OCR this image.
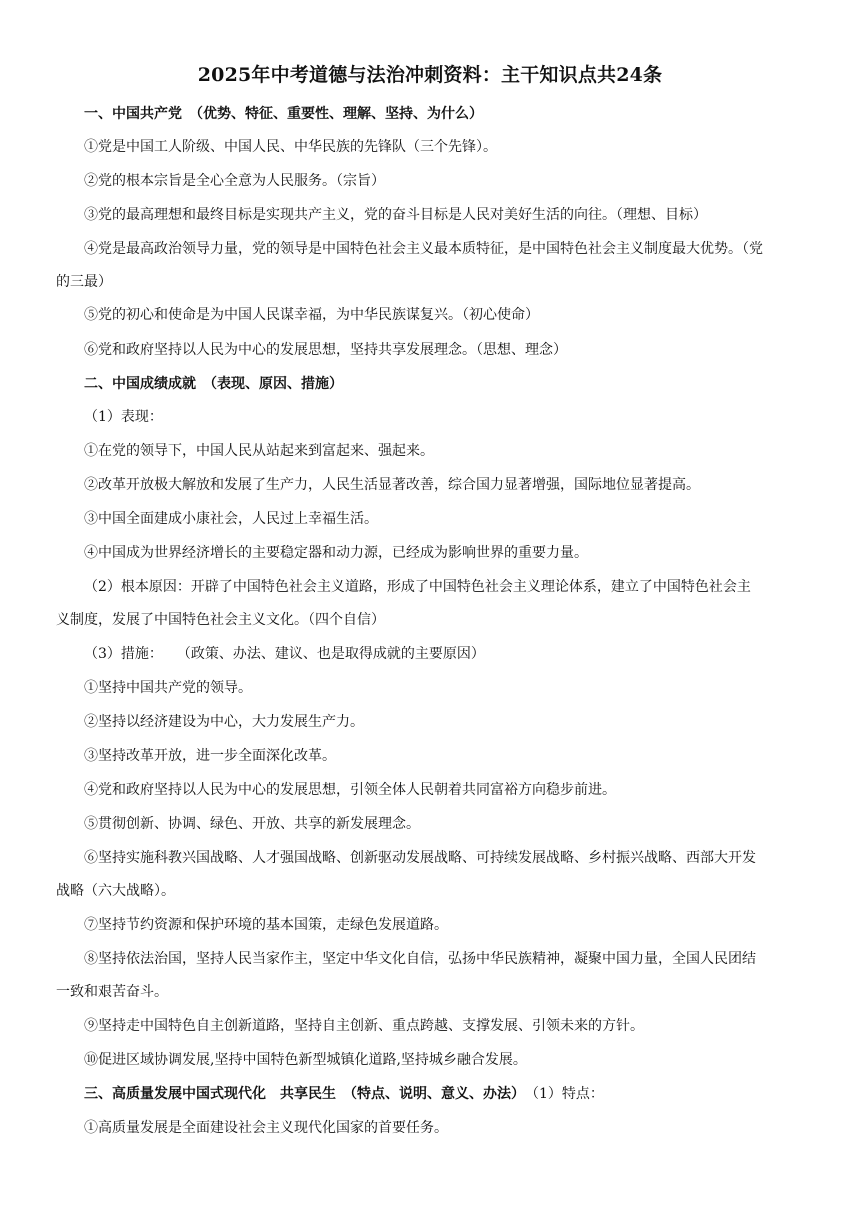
2025年中考道德与法治冲刺资料：主干知识点共24条
一、中国共产党　 （优势、特征、重要性、理解、坚持、为什么）
①党是中国工人阶级、中国人民、中华民族的先锋队（三个先锋）。
②党的根本宗旨是全心全意为人民服务。（宗旨）
③党的最高理想和最终目标是实现共产主义，党的奋斗目标是人民对美好生活的向往。（理想、目标）
④党是最高政治领导力量，党的领导是中国特色社会主义最本质特征，是中国特色社会主义制度最大优势。（党
的三最）
⑤党的初心和使命是为中国人民谋幸福，为中华民族谋复兴。（初心使命）
⑥党和政府坚持以人民为中心的发展思想，坚持共享发展理念。（思想、理念）
二、中国成绩成就　 （表现、原因、措施）
（1）表现：
①在党的领导下，中国人民从站起来到富起来、强起来。
②改革开放极大解放和发展了生产力，人民生活显著改善，综合国力显著增强，国际地位显著提高。
③中国全面建成小康社会，人民过上幸福生活。
④中国成为世界经济增长的主要稳定器和动力源，已经成为影响世界的重要力量。
（2）根本原因：开辟了中国特色社会主义道路，形成了中国特色社会主义理论体系，建立了中国特色社会主
义制度，发展了中国特色社会主义文化。（四个自信）
（3）措施：　　（政策、办法、建议、也是取得成就的主要原因）
①坚持中国共产党的领导。
②坚持以经济建设为中心，大力发展生产力。
③坚持改革开放，进一步全面深化改革。
④党和政府坚持以人民为中心的发展思想，引领全体人民朝着共同富裕方向稳步前进。
⑤贯彻创新、协调、绿色、开放、共享的新发展理念。
⑥坚持实施科教兴国战略、人才强国战略、创新驱动发展战略、可持续发展战略、乡村振兴战略、西部大开发
战略（六大战略）。
⑦坚持节约资源和保护环境的基本国策，走绿色发展道路。
⑧坚持依法治国，坚持人民当家作主，坚定中华文化自信，弘扬中华民族精神，凝聚中国力量，全国人民团结
一致和艰苦奋斗。
⑨坚持走中国特色自主创新道路，坚持自主创新、重点跨越、支撑发展、引领未来的方针。
⑩促进区域协调发展,坚持中国特色新型城镇化道路,坚持城乡融合发展。
三、高质量发展中国式现代化　共享民生　 （特点、说明、意义、办法）　 （1）特点：
①高质量发展是全面建设社会主义现代化国家的首要任务。
